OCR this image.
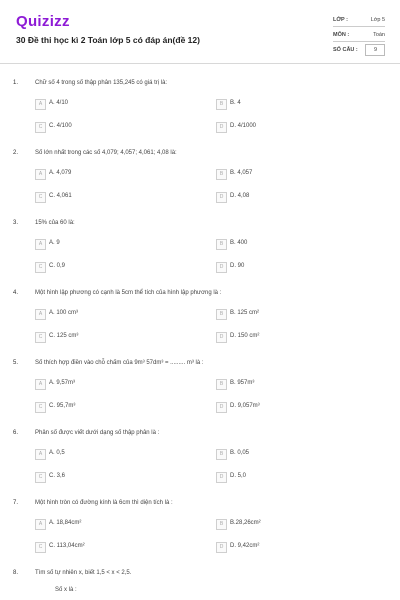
Quizizz
30 Đề thi học kì 2 Toán lớp 5 có đáp án(đề 12)
LỚP :	Lớp 5
MÔN :	Toán
SỐ CÂU :	9
1.	Chữ số 4 trong số thập phân 135,245 có giá trị là:
A	A. 4/10	B	B. 4
C	C. 4/100	D	D. 4/1000
2.	Số lớn nhất trong các số 4,079; 4,057; 4,061; 4,08 là:
A	A. 4,079	B	B. 4,057
C	C. 4,061	D	D. 4,08
3.	15% của 60 là:
A	A. 9	B	B. 400
C	C. 0,9	D	D. 90
4.	Một hình lập phương có cạnh là 5cm thể tích của hình lập phương là :
A	A. 100 cm³	B	B. 125 cm²
C	C. 125 cm³	D	D. 150 cm²
5.	Số thích hợp điền vào chỗ chấm của 9m³ 57dm³ = ......... m³ là :
A	A. 9,57m³	B	B. 957m³
C	C. 95,7m³	D	D. 9,057m³
6.	Phân số được viết dưới dạng số thập phân là :
A	A. 0,5	B	B. 0,05
C	C. 3,6	D	D. 5,0
7.	Một hình tròn có đường kính là 6cm thì diện tích là :
A	A. 18,84cm²	B	B.28,26cm²
C	C. 113,04cm²	D	D. 9,42cm²
8.	Tìm số tự nhiên x, biết 1,5 < x < 2,5.
Số x là :
